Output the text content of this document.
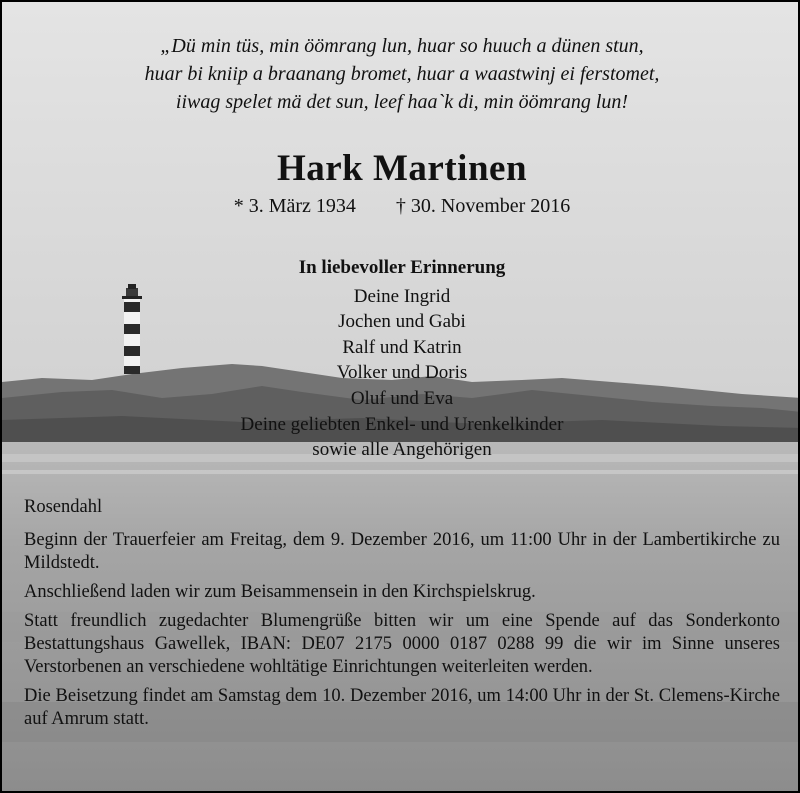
„Dü min tüs, min öömrang lun, huar so huuch a dünen stun,
huar bi kniip a braanang bromet, huar a waastwinj ei ferstomet,
iiwag spelet mä det sun, leef haa`k di, min öömrang lun!
Hark Martinen
* 3. März 1934 † 30. November 2016
In liebevoller Erinnerung
Deine Ingrid
Jochen und Gabi
Ralf und Katrin
Volker und Doris
Oluf und Eva
Deine geliebten Enkel- und Urenkelkinder
sowie alle Angehörigen

Rosendahl

Beginn der Trauerfeier am Freitag, dem 9. Dezember 2016, um 11:00 Uhr in der Lambertikirche zu Mildstedt.

Anschließend laden wir zum Beisammensein in den Kirchspielskrug.

Statt freundlich zugedachter Blumengrüße bitten wir um eine Spende auf das Sonderkonto Bestattungshaus Gawellek, IBAN: DE07 2175 0000 0187 0288 99 die wir im Sinne unseres Verstorbenen an verschiedene wohltätige Einrichtungen weiterleiten werden.

Die Beisetzung findet am Samstag dem 10. Dezember 2016, um 14:00 Uhr in der St. Clemens-Kirche auf Amrum statt.
